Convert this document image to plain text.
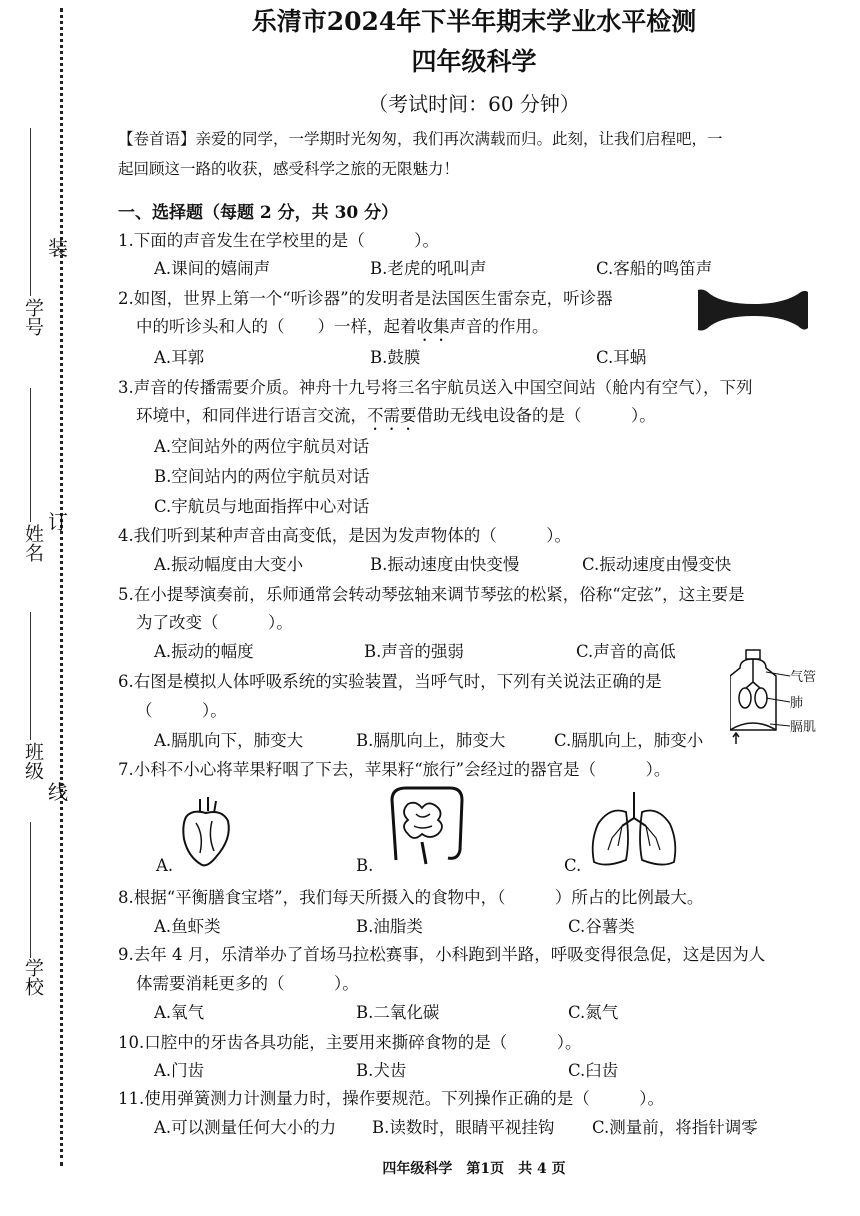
学号
姓名
班级
学校
装
订
线
乐清市2024年下半年期末学业水平检测
四年级科学
（考试时间：60 分钟）
【卷首语】亲爱的同学，一学期时光匆匆，我们再次满载而归。此刻，让我们启程吧，一
起回顾这一路的收获，感受科学之旅的无限魅力！
一、选择题（每题 2 分，共 30 分）
1.下面的声音发生在学校里的是（　　　）。
A.课间的嬉闹声	B.老虎的吼叫声	C.客船的鸣笛声
2.如图，世界上第一个“听诊器”的发明者是法国医生雷奈克，听诊器
中的听诊头和人的（　　）一样，起着收集声音的作用。
A.耳郭	B.鼓膜	C.耳蜗
3.声音的传播需要介质。神舟十九号将三名宇航员送入中国空间站（舱内有空气），下列
环境中，和同伴进行语言交流，不需要借助无线电设备的是（　　　）。
A.空间站外的两位宇航员对话
B.空间站内的两位宇航员对话
C.宇航员与地面指挥中心对话
4.我们听到某种声音由高变低，是因为发声物体的（　　　）。
A.振动幅度由大变小	B.振动速度由快变慢	C.振动速度由慢变快
5.在小提琴演奏前，乐师通常会转动琴弦轴来调节琴弦的松紧，俗称“定弦”，这主要是
为了改变（　　　）。
A.振动的幅度	B.声音的强弱	C.声音的高低
6.右图是模拟人体呼吸系统的实验装置，当呼气时，下列有关说法正确的是
（　　　）。
A.膈肌向下，肺变大	B.膈肌向上，肺变大	C.膈肌向上，肺变小
气管
肺
膈肌
7.小科不小心将苹果籽咽了下去，苹果籽“旅行”会经过的器官是（　　　）。
A.	B.	C.
8.根据“平衡膳食宝塔”，我们每天所摄入的食物中，（　　　）所占的比例最大。
A.鱼虾类	B.油脂类	C.谷薯类
9.去年 4 月，乐清举办了首场马拉松赛事，小科跑到半路，呼吸变得很急促，这是因为人
体需要消耗更多的（　　　）。
A.氧气	B.二氧化碳	C.氮气
10.口腔中的牙齿各具功能，主要用来撕碎食物的是（　　　）。
A.门齿	B.犬齿	C.臼齿
11.使用弹簧测力计测量力时，操作要规范。下列操作正确的是（　　　）。
A.可以测量任何大小的力 B.读数时，眼睛平视挂钩 C.测量前，将指针调零
四年级科学　第1页　共 4 页
